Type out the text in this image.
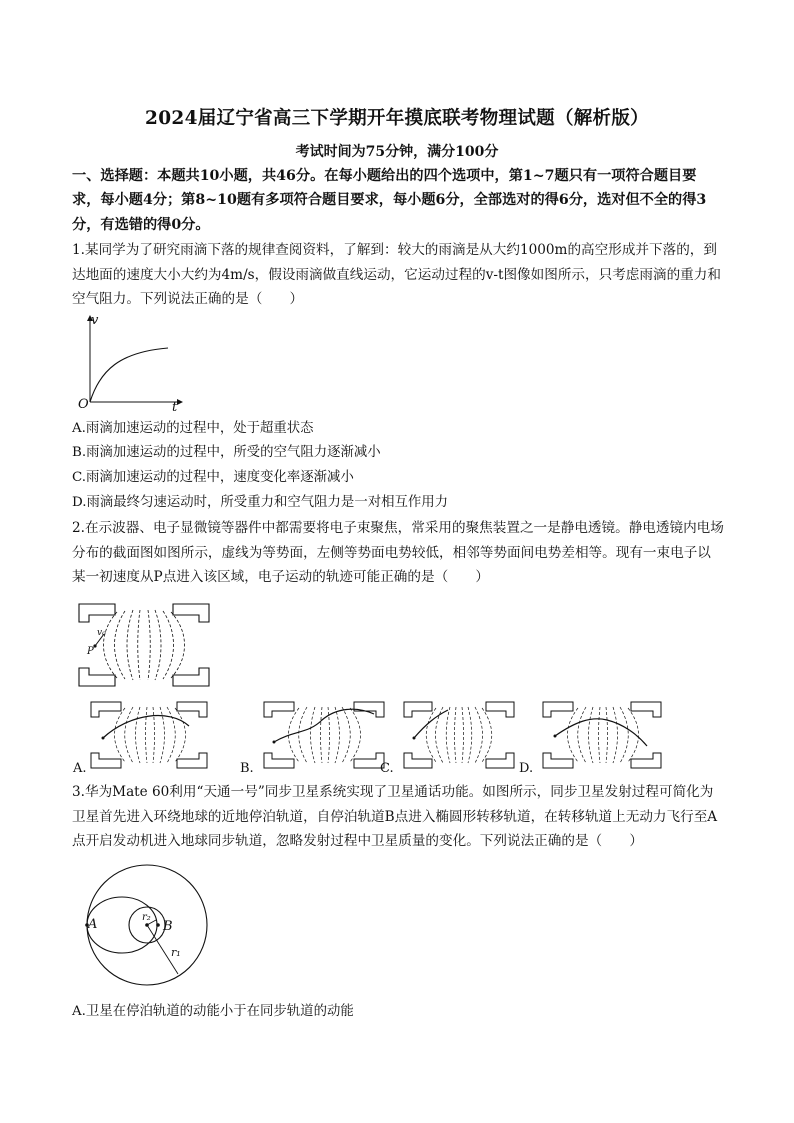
2024届辽宁省高三下学期开年摸底联考物理试题（解析版）
考试时间为75分钟，满分100分
一、选择题：本题共10小题，共46分。在每小题给出的四个选项中，第1~7题只有一项符合题目要求，每小题4分；第8~10题有多项符合题目要求，每小题6分，全部选对的得6分，选对但不全的得3分，有选错的得0分。
1.某同学为了研究雨滴下落的规律查阅资料，了解到：较大的雨滴是从大约1000m的高空形成并下落的，到达地面的速度大小大约为4m/s，假设雨滴做直线运动，它运动过程的v-t图像如图所示，只考虑雨滴的重力和空气阻力。下列说法正确的是（　　）
v
t
O
A.雨滴加速运动的过程中，处于超重状态
B.雨滴加速运动的过程中，所受的空气阻力逐渐减小
C.雨滴加速运动的过程中，速度变化率逐渐减小
D.雨滴最终匀速运动时，所受重力和空气阻力是一对相互作用力
2.在示波器、电子显微镜等器件中都需要将电子束聚焦，常采用的聚焦装置之一是静电透镜。静电透镜内电场分布的截面图如图所示，虚线为等势面，左侧等势面电势较低，相邻等势面间电势差相等。现有一束电子以某一初速度从P点进入该区域，电子运动的轨迹可能正确的是（　　）
v₀
P
A.	B.	C.	D.
3.华为Mate 60利用“天通一号”同步卫星系统实现了卫星通话功能。如图所示，同步卫星发射过程可简化为卫星首先进入环绕地球的近地停泊轨道，自停泊轨道B点进入椭圆形转移轨道，在转移轨道上无动力飞行至A点开启发动机进入地球同步轨道，忽略发射过程中卫星质量的变化。下列说法正确的是（　　）
A	B
r₂
r₁
A.卫星在停泊轨道的动能小于在同步轨道的动能
